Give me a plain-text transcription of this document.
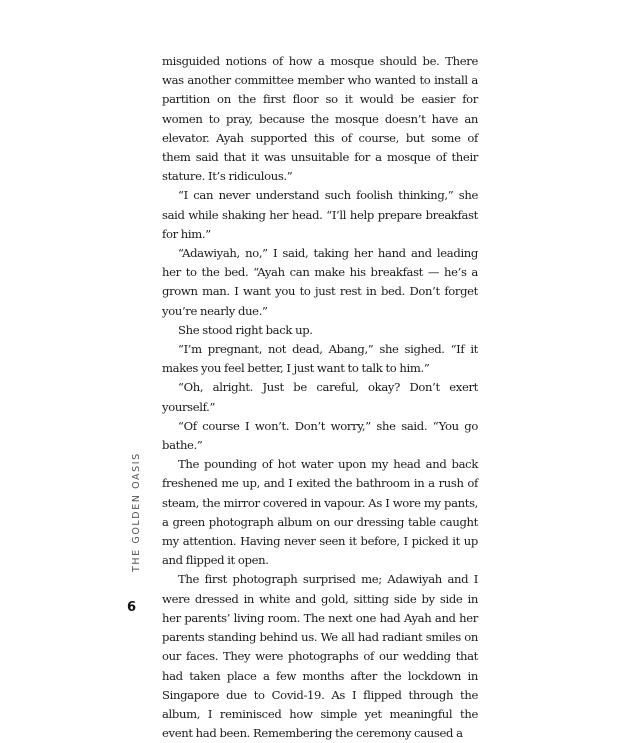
misguided notions of how a mosque should be. There was another committee member who wanted to install a partition on the first floor so it would be easier for women to pray, because the mosque doesn’t have an elevator. Ayah supported this of course, but some of them said that it was unsuitable for a mosque of their stature. It’s ridiculous.”

“I can never understand such foolish thinking,” she said while shaking her head. “I’ll help prepare breakfast for him.”

“Adawiyah, no,” I said, taking her hand and leading her to the bed. “Ayah can make his breakfast — he’s a grown man. I want you to just rest in bed. Don’t forget you’re nearly due.”

She stood right back up.

“I’m pregnant, not dead, Abang,” she sighed. “If it makes you feel better, I just want to talk to him.”

“Oh, alright. Just be careful, okay? Don’t exert yourself.”

“Of course I won’t. Don’t worry,” she said. “You go bathe.”

The pounding of hot water upon my head and back freshened me up, and I exited the bathroom in a rush of steam, the mirror covered in vapour. As I wore my pants, a green photograph album on our dressing table caught my attention. Having never seen it before, I picked it up and flipped it open.

The first photograph surprised me; Adawiyah and I were dressed in white and gold, sitting side by side in her parents’ living room. The next one had Ayah and her parents standing behind us. We all had radiant smiles on our faces. They were photographs of our wedding that had taken place a few months after the lockdown in Singapore due to Covid-19. As I flipped through the album, I reminisced how simple yet meaningful the event had been. Remembering the ceremony caused a

THE GOLDEN OASIS
6
